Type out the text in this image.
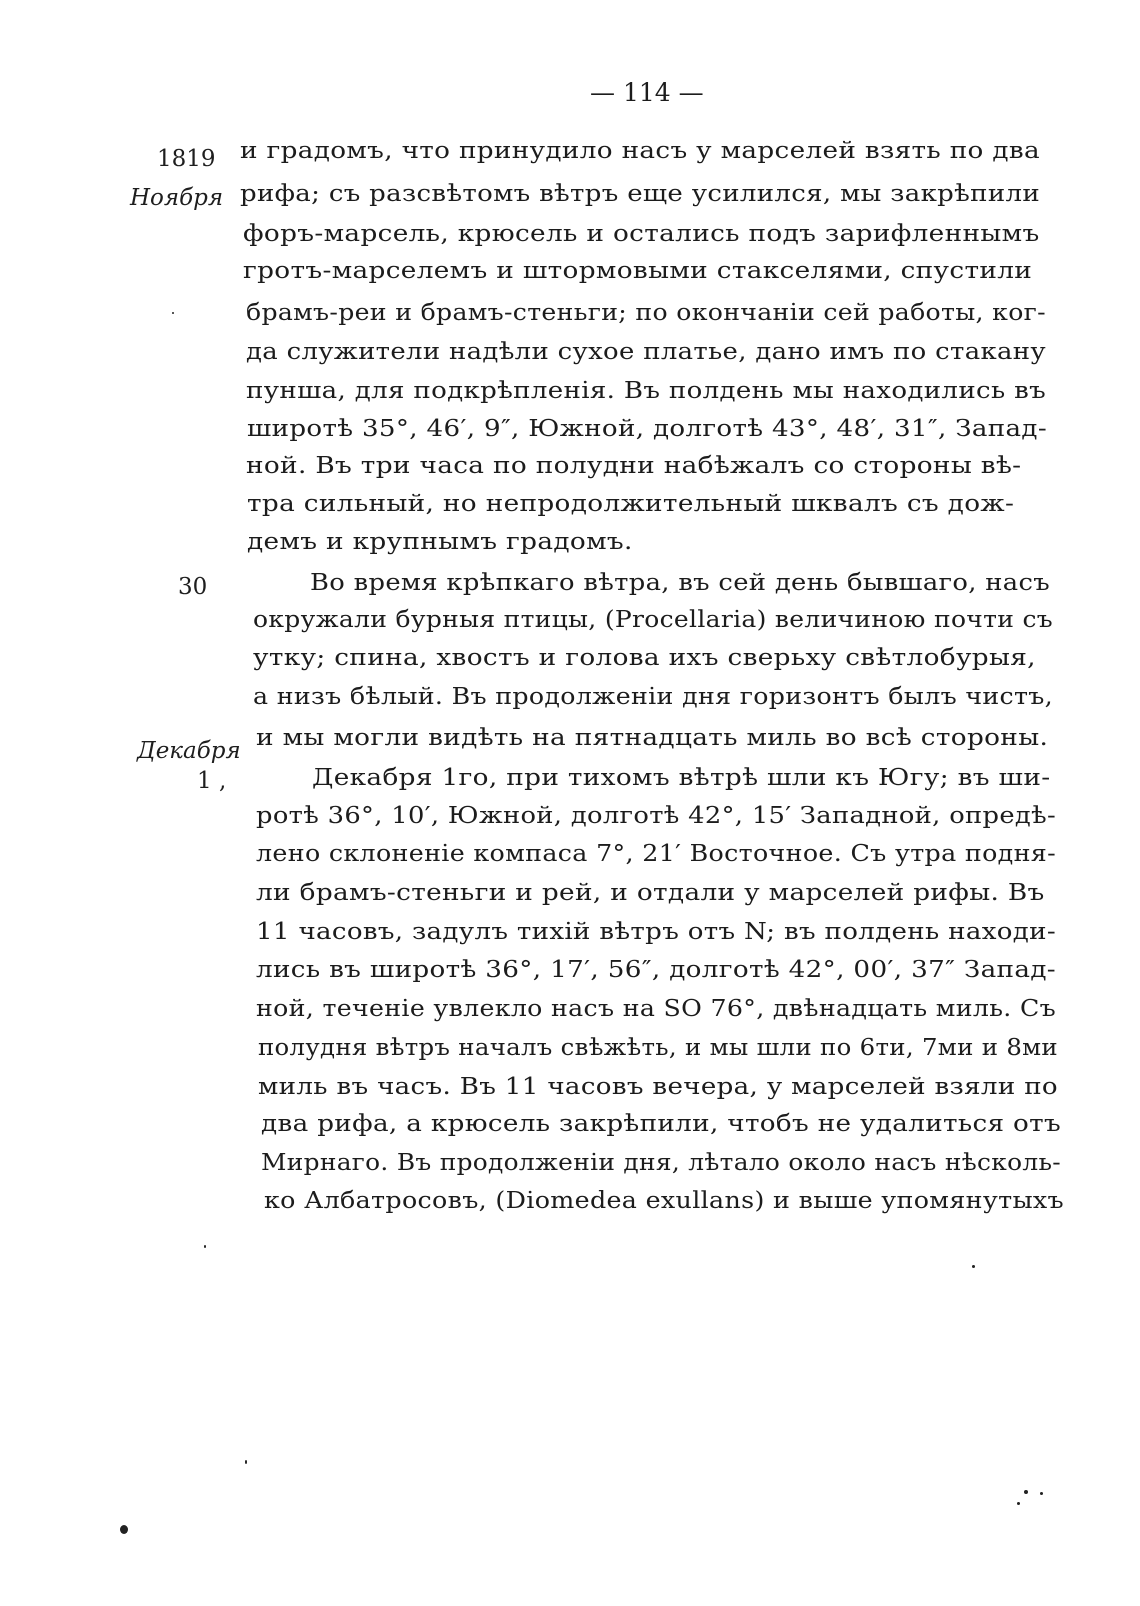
— 114 —
1819
Ноября
30
Декабря
1 ,
и градомъ, что принудило насъ у марселей взять по два
рифа; съ разсвѣтомъ вѣтръ еще усилился, мы закрѣпили
форъ-марсель, крюсель и остались подъ зарифленнымъ
гротъ-марселемъ и штормовыми стакселями, спустили
брамъ-реи и брамъ-стеньги; по окончаніи сей работы, ког-
да служители надѣли сухое платье, дано имъ по стакану
пунша, для подкрѣпленія. Въ полдень мы находились въ
широтѣ 35°, 46′, 9″, Южной, долготѣ 43°, 48′, 31″, Запад-
ной. Въ три часа по полудни набѣжалъ со стороны вѣ-
тра сильный, но непродолжительный шквалъ съ дож-
демъ и крупнымъ градомъ.
Во время крѣпкаго вѣтра, въ сей день бывшаго, насъ
окружали бурныя птицы, (Procellaria) величиною почти съ
утку; спина, хвостъ и голова ихъ сверьху свѣтлобурыя,
а низъ бѣлый. Въ продолженіи дня горизонтъ былъ чистъ,
и мы могли видѣть на пятнадцать миль во всѣ стороны.
Декабря 1го, при тихомъ вѣтрѣ шли къ Югу; въ ши-
ротѣ 36°, 10′, Южной, долготѣ 42°, 15′ Западной, опредѣ-
лено склоненіе компаса 7°, 21′ Восточное. Съ утра подня-
ли брамъ-стеньги и рей, и отдали у марселей рифы. Въ
11 часовъ, задулъ тихій вѣтръ отъ N; въ полдень находи-
лись въ широтѣ 36°, 17′, 56″, долготѣ 42°, 00′, 37″ Запад-
ной, теченіе увлекло насъ на SO 76°, двѣнадцать миль. Съ
полудня вѣтръ началъ свѣжѣть, и мы шли по 6ти, 7ми и 8ми
миль въ часъ. Въ 11 часовъ вечера, у марселей взяли по
два рифа, а крюсель закрѣпили, чтобъ не удалиться отъ
Мирнаго. Въ продолженіи дня, лѣтало около насъ нѣсколь-
ко Албатросовъ, (Diomedea exullans) и выше упомянутыхъ
